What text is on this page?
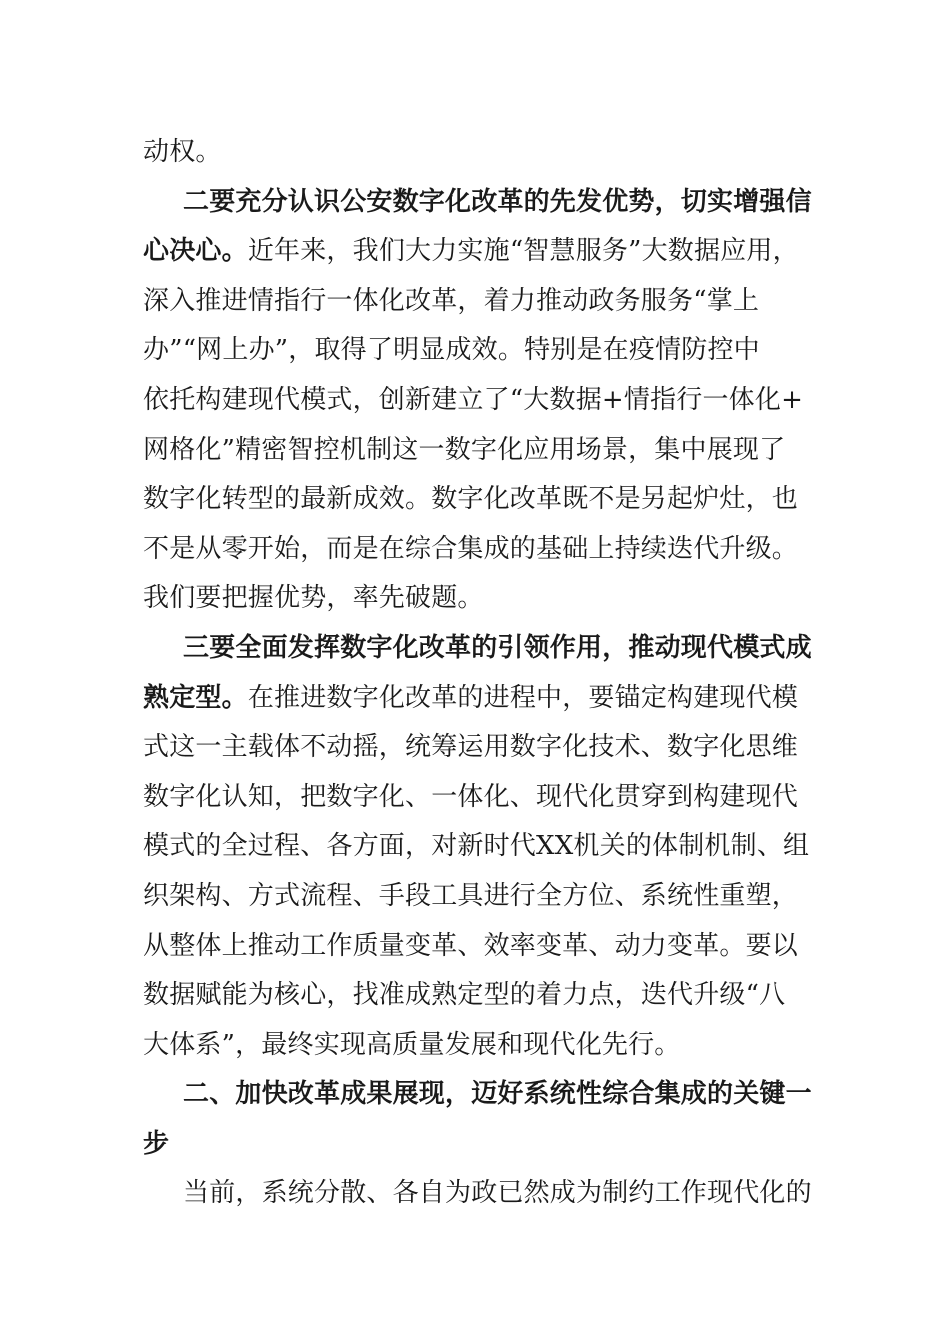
动权。
二要充分认识公安数字化改革的先发优势，切实增强信
心决心。近年来，我们大力实施“智慧服务”大数据应用，
深入推进情指行一体化改革，着力推动政务服务“掌上
办”“网上办”，取得了明显成效。特别是在疫情防控中
依托构建现代模式，创新建立了“大数据+情指行一体化+
网格化”精密智控机制这一数字化应用场景，集中展现了
数字化转型的最新成效。数字化改革既不是另起炉灶，也
不是从零开始，而是在综合集成的基础上持续迭代升级。
我们要把握优势，率先破题。
三要全面发挥数字化改革的引领作用，推动现代模式成
熟定型。在推进数字化改革的进程中，要锚定构建现代模
式这一主载体不动摇，统筹运用数字化技术、数字化思维
数字化认知，把数字化、一体化、现代化贯穿到构建现代
模式的全过程、各方面，对新时代XX机关的体制机制、组
织架构、方式流程、手段工具进行全方位、系统性重塑，
从整体上推动工作质量变革、效率变革、动力变革。要以
数据赋能为核心，找准成熟定型的着力点，迭代升级“八
大体系”，最终实现高质量发展和现代化先行。
二、加快改革成果展现，迈好系统性综合集成的关键一
步
当前，系统分散、各自为政已然成为制约工作现代化的
